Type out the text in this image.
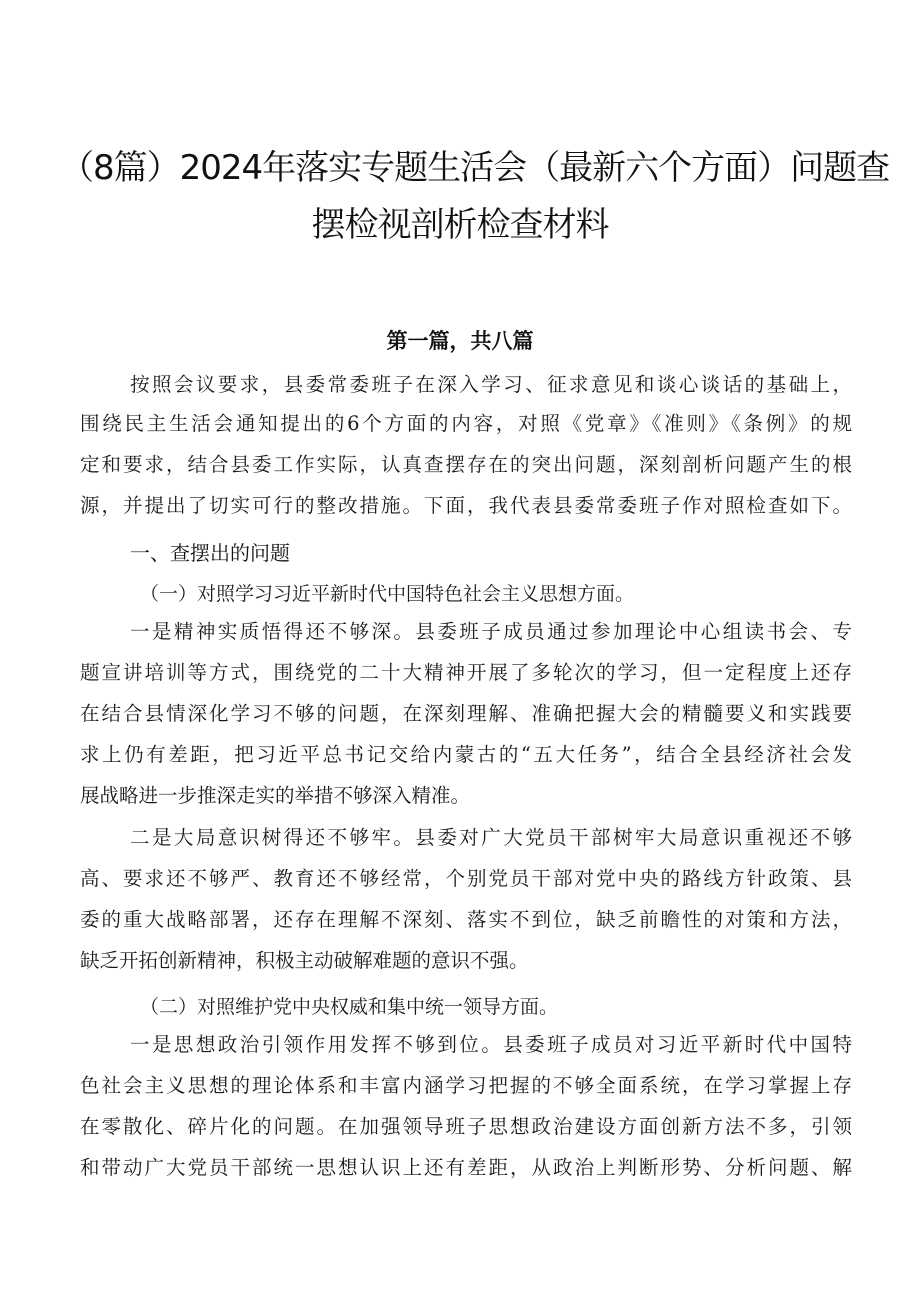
（8篇）2024年落实专题生活会（最新六个方面）问题查
摆检视剖析检查材料
第一篇，共八篇
按照会议要求，县委常委班子在深入学习、征求意见和谈心谈话的基础上，
围绕民主生活会通知提出的6个方面的内容，对照《党章》《准则》《条例》的规
定和要求，结合县委工作实际，认真查摆存在的突出问题，深刻剖析问题产生的根
源，并提出了切实可行的整改措施。下面，我代表县委常委班子作对照检查如下。
一、查摆出的问题
（一）对照学习习近平新时代中国特色社会主义思想方面。
一是精神实质悟得还不够深。县委班子成员通过参加理论中心组读书会、专
题宣讲培训等方式，围绕党的二十大精神开展了多轮次的学习，但一定程度上还存
在结合县情深化学习不够的问题，在深刻理解、准确把握大会的精髓要义和实践要
求上仍有差距，把习近平总书记交给内蒙古的“五大任务”，结合全县经济社会发
展战略进一步推深走实的举措不够深入精准。
二是大局意识树得还不够牢。县委对广大党员干部树牢大局意识重视还不够
高、要求还不够严、教育还不够经常，个别党员干部对党中央的路线方针政策、县
委的重大战略部署，还存在理解不深刻、落实不到位，缺乏前瞻性的对策和方法，
缺乏开拓创新精神，积极主动破解难题的意识不强。
（二）对照维护党中央权威和集中统一领导方面。
一是思想政治引领作用发挥不够到位。县委班子成员对习近平新时代中国特
色社会主义思想的理论体系和丰富内涵学习把握的不够全面系统，在学习掌握上存
在零散化、碎片化的问题。在加强领导班子思想政治建设方面创新方法不多，引领
和带动广大党员干部统一思想认识上还有差距，从政治上判断形势、分析问题、解
